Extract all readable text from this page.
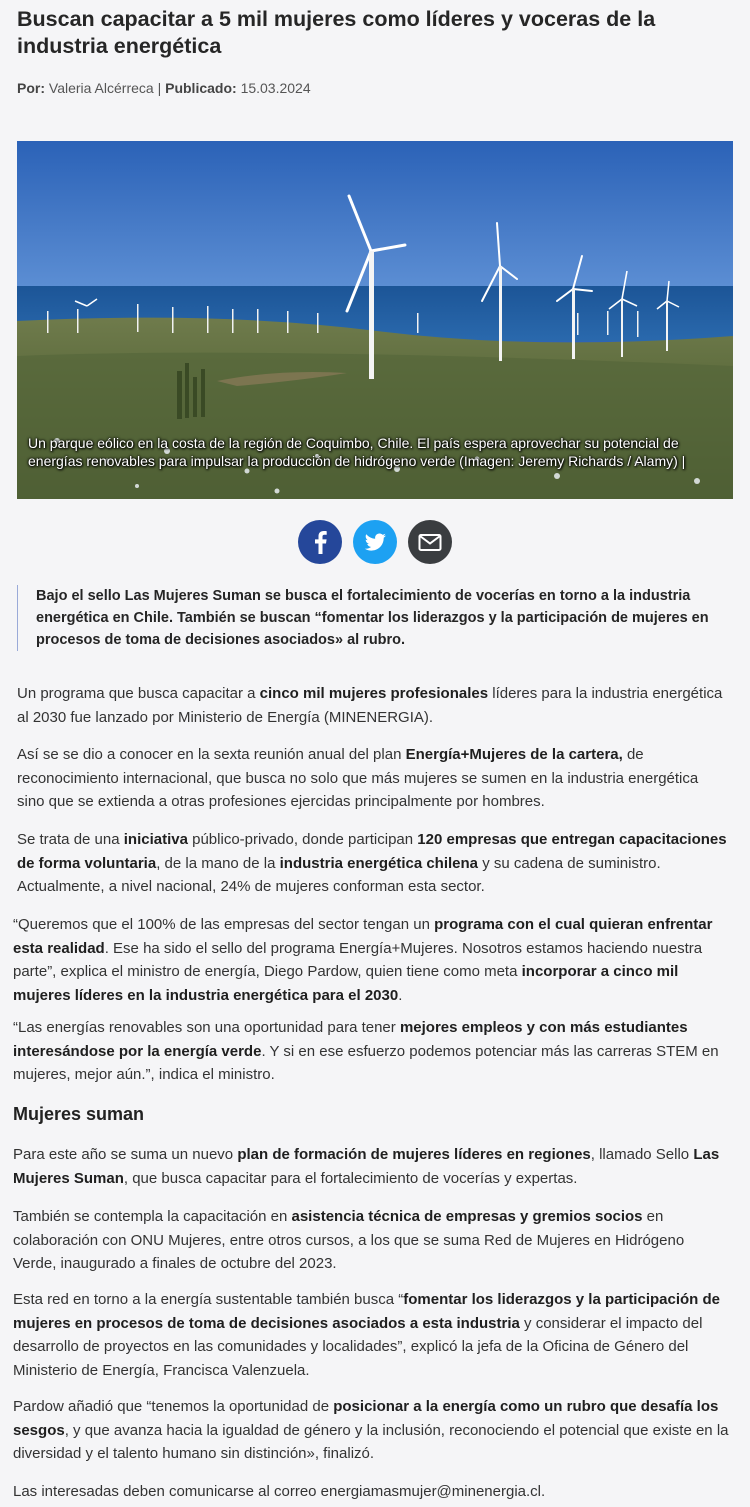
Buscan capacitar a 5 mil mujeres como líderes y voceras de la industria energética
Por: Valeria Alcérreca | Publicado: 15.03.2024
Un parque eólico en la costa de la región de Coquimbo, Chile. El país espera aprovechar su potencial de energías renovables para impulsar la producción de hidrógeno verde (Imagen: Jeremy Richards / Alamy) |

Bajo el sello Las Mujeres Suman se busca el fortalecimiento de vocerías en torno a la industria energética en Chile. También se buscan “fomentar los liderazgos y la participación de mujeres en procesos de toma de decisiones asociados» al rubro.

Un programa que busca capacitar a cinco mil mujeres profesionales líderes para la industria energética al 2030 fue lanzado por Ministerio de Energía (MINENERGIA).

Así se se dio a conocer en la sexta reunión anual del plan Energía+Mujeres de la cartera, de reconocimiento internacional, que busca no solo que más mujeres se sumen en la industria energética sino que se extienda a otras profesiones ejercidas principalmente por hombres.

Se trata de una iniciativa público-privado, donde participan 120 empresas que entregan capacitaciones de forma voluntaria, de la mano de la industria energética chilena y su cadena de suministro. Actualmente, a nivel nacional, 24% de mujeres conforman esta sector.

“Queremos que el 100% de las empresas del sector tengan un programa con el cual quieran enfrentar esta realidad. Ese ha sido el sello del programa Energía+Mujeres. Nosotros estamos haciendo nuestra parte”, explica el ministro de energía, Diego Pardow, quien tiene como meta incorporar a cinco mil mujeres líderes en la industria energética para el 2030.

“Las energías renovables son una oportunidad para tener mejores empleos y con más estudiantes interesándose por la energía verde. Y si en ese esfuerzo podemos potenciar más las carreras STEM en mujeres, mejor aún.”, indica el ministro.

Mujeres suman

Para este año se suma un nuevo plan de formación de mujeres líderes en regiones, llamado Sello Las Mujeres Suman, que busca capacitar para el fortalecimiento de vocerías y expertas.

También se contempla la capacitación en asistencia técnica de empresas y gremios socios en colaboración con ONU Mujeres, entre otros cursos, a los que se suma Red de Mujeres en Hidrógeno Verde, inaugurado a finales de octubre del 2023.

Esta red en torno a la energía sustentable también busca “fomentar los liderazgos y la participación de mujeres en procesos de toma de decisiones asociados a esta industria y considerar el impacto del desarrollo de proyectos en las comunidades y localidades”, explicó la jefa de la Oficina de Género del Ministerio de Energía, Francisca Valenzuela.

Pardow añadió que “tenemos la oportunidad de posicionar a la energía como un rubro que desafía los sesgos, y que avanza hacia la igualdad de género y la inclusión, reconociendo el potencial que existe en la diversidad y el talento humano sin distinción», finalizó.

Las interesadas deben comunicarse al correo energiamasmujer@minenergia.cl.
